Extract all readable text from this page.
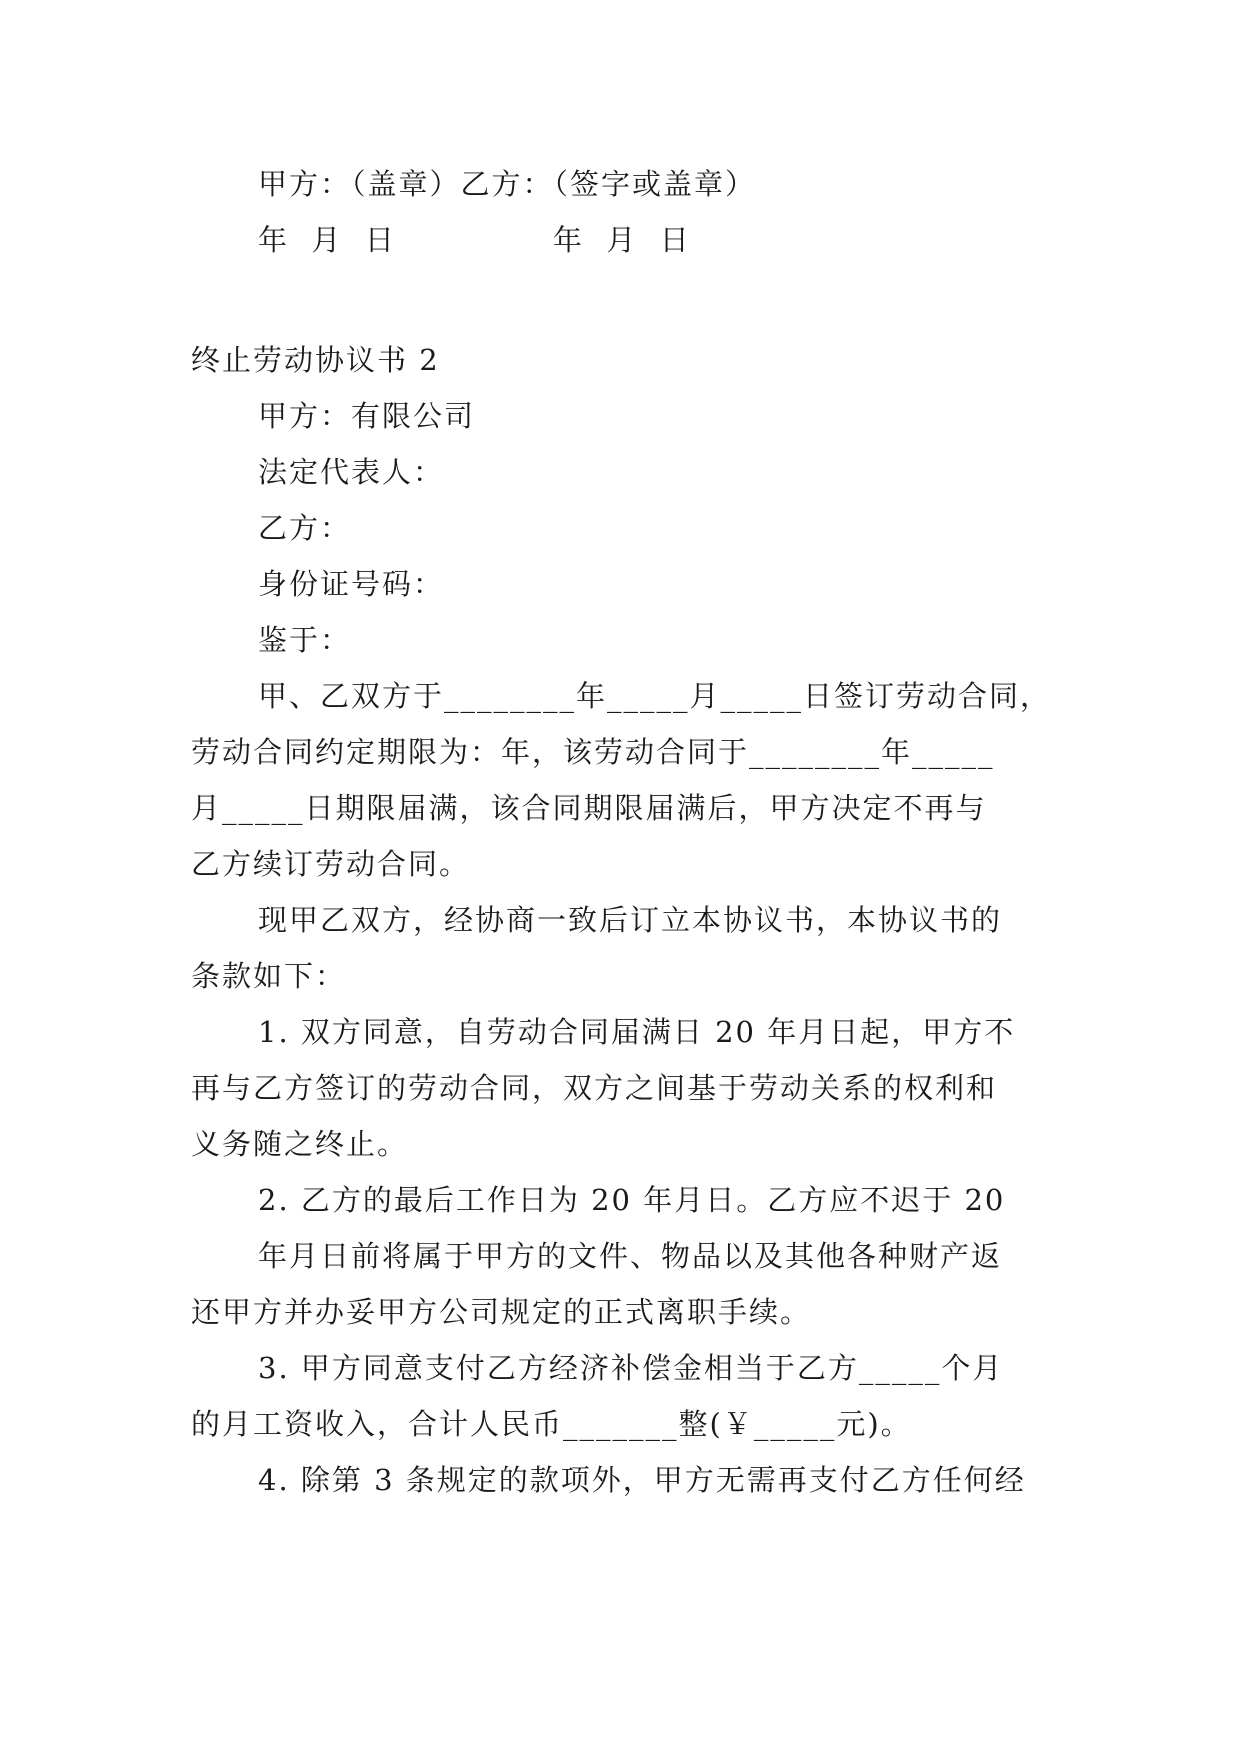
甲方：（盖章）乙方：（签字或盖章）
年  月  日              年  月  日
终止劳动协议书 2
甲方：有限公司
法定代表人：
乙方：
身份证号码：
鉴于：
甲、乙双方于________年_____月_____日签订劳动合同，
劳动合同约定期限为：年，该劳动合同于________年_____
月_____日期限届满，该合同期限届满后，甲方决定不再与
乙方续订劳动合同。
现甲乙双方，经协商一致后订立本协议书，本协议书的
条款如下：
1. 双方同意，自劳动合同届满日 20 年月日起，甲方不
再与乙方签订的劳动合同，双方之间基于劳动关系的权利和
义务随之终止。
2. 乙方的最后工作日为 20 年月日。乙方应不迟于 20
年月日前将属于甲方的文件、物品以及其他各种财产返
还甲方并办妥甲方公司规定的正式离职手续。
3. 甲方同意支付乙方经济补偿金相当于乙方_____个月
的月工资收入，合计人民币_______整(￥_____元)。
4. 除第 3 条规定的款项外，甲方无需再支付乙方任何经
